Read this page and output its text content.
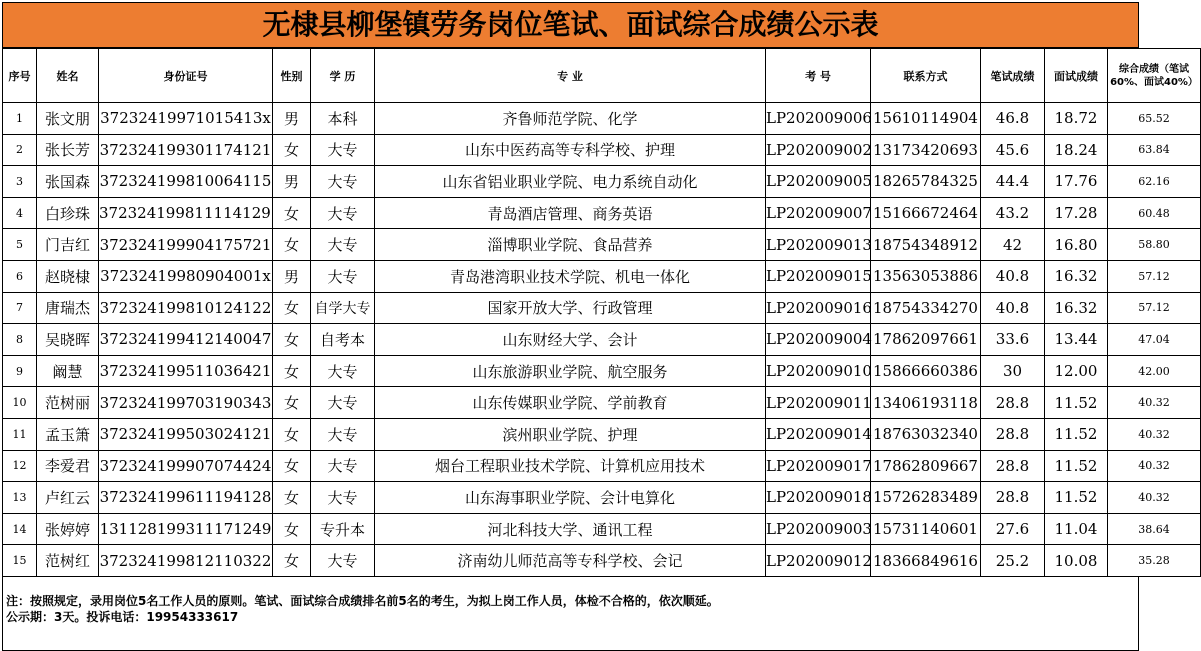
无棣县柳堡镇劳务岗位笔试、面试综合成绩公示表
序号	姓名	身份证号	性别	学 历	专 业	考 号	联系方式	笔试成绩	面试成绩	综合成绩（笔试60%、面试40%）
1	张文朋	37232419971015413x	男	本科	齐鲁师范学院、化学	LP202009006	15610114904	46.8	18.72	65.52
2	张长芳	372324199301174121	女	大专	山东中医药高等专科学校、护理	LP202009002	13173420693	45.6	18.24	63.84
3	张国森	372324199810064115	男	大专	山东省铝业职业学院、电力系统自动化	LP202009005	18265784325	44.4	17.76	62.16
4	白珍珠	372324199811114129	女	大专	青岛酒店管理、商务英语	LP202009007	15166672464	43.2	17.28	60.48
5	门吉红	372324199904175721	女	大专	淄博职业学院、食品营养	LP202009013	18754348912	42	16.80	58.80
6	赵晓棣	37232419980904001x	男	大专	青岛港湾职业技术学院、机电一体化	LP202009015	13563053886	40.8	16.32	57.12
7	唐瑞杰	372324199810124122	女	自学大专	国家开放大学、行政管理	LP202009016	18754334270	40.8	16.32	57.12
8	吴晓晖	372324199412140047	女	自考本	山东财经大学、会计	LP202009004	17862097661	33.6	13.44	47.04
9	阚慧	372324199511036421	女	大专	山东旅游职业学院、航空服务	LP202009010	15866660386	30	12.00	42.00
10	范树丽	372324199703190343	女	大专	山东传媒职业学院、学前教育	LP202009011	13406193118	28.8	11.52	40.32
11	孟玉箫	372324199503024121	女	大专	滨州职业学院、护理	LP202009014	18763032340	28.8	11.52	40.32
12	李爱君	372324199907074424	女	大专	烟台工程职业技术学院、计算机应用技术	LP202009017	17862809667	28.8	11.52	40.32
13	卢红云	372324199611194128	女	大专	山东海事职业学院、会计电算化	LP202009018	15726283489	28.8	11.52	40.32
14	张婷婷	131128199311171249	女	专升本	河北科技大学、通讯工程	LP202009003	15731140601	27.6	11.04	38.64
15	范树红	372324199812110322	女	大专	济南幼儿师范高等专科学校、会记	LP202009012	18366849616	25.2	10.08	35.28
注：按照规定，录用岗位5名工作人员的原则。笔试、面试综合成绩排名前5名的考生，为拟上岗工作人员，体检不合格的，依次顺延。
公示期：3天。投诉电话：19954333617
